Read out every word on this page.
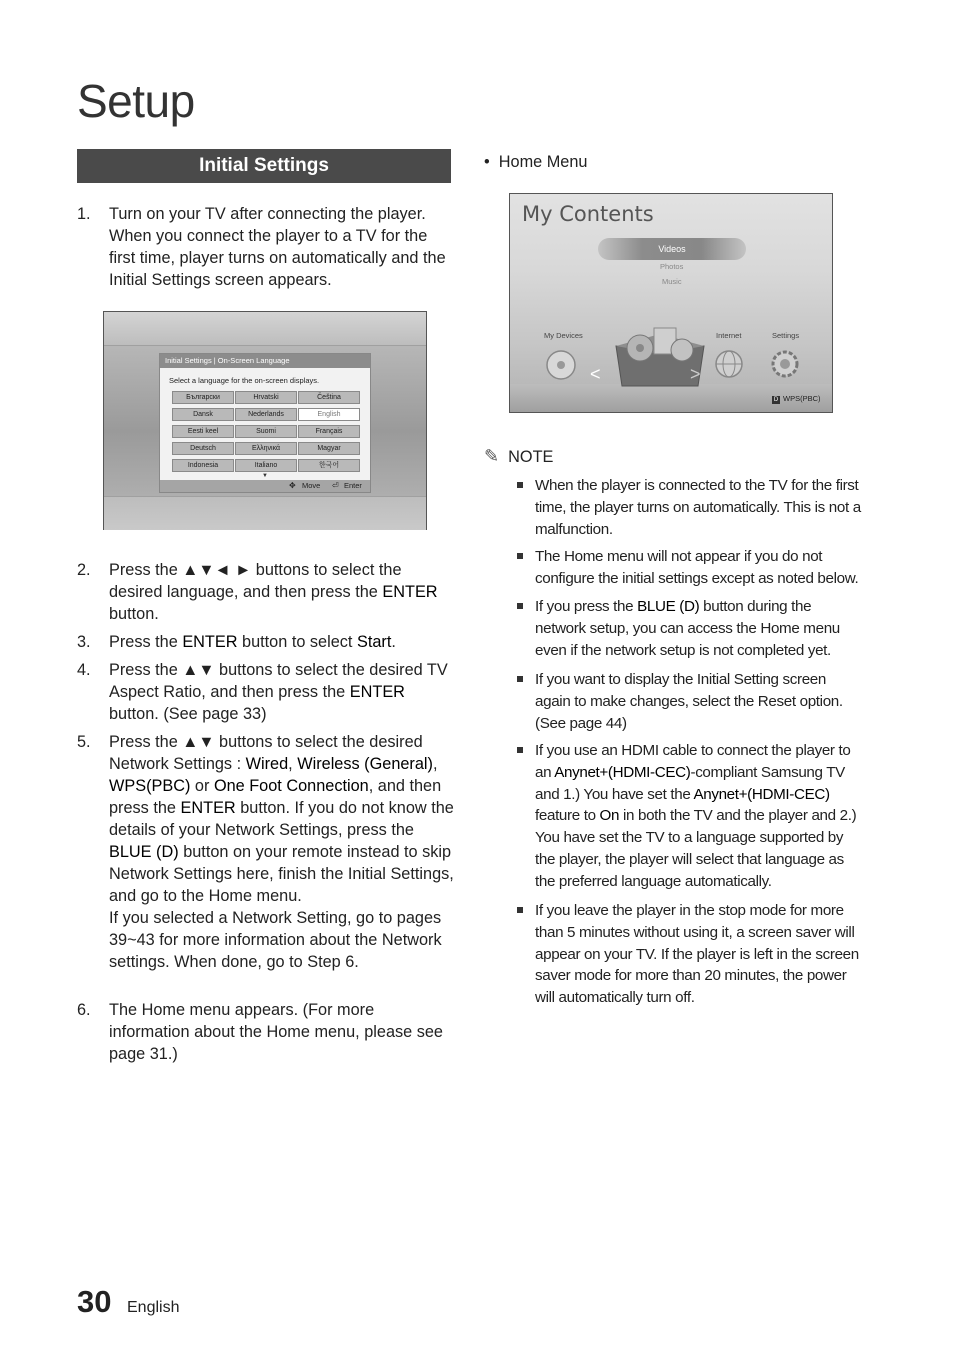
Setup
Initial Settings
1. Turn on your TV after connecting the player. When you connect the player to a TV for the first time, player turns on automatically and the Initial Settings screen appears.
2. Press the ▲▼◄ ► buttons to select the desired language, and then press the ENTER button.
3. Press the ENTER button to select Start.
4. Press the ▲▼ buttons to select the desired TV Aspect Ratio, and then press the ENTER button. (See page 33)
5. Press the ▲▼ buttons to select the desired Network Settings : Wired, Wireless (General), WPS(PBC) or One Foot Connection, and then press the ENTER button. If you do not know the details of your Network Settings, press the BLUE (D) button on your remote instead to skip Network Settings here, finish the Initial Settings, and go to the Home menu.
If you selected a Network Setting, go to pages 39~43 for more information about the Network settings. When done, go to Step 6.
6. The Home menu appears. (For more information about the Home menu, please see page 31.)
Initial Settings | On-Screen Language
Select a language for the on-screen displays.
Български	Hrvatski	Čeština
Dansk	Nederlands	English
Eesti keel	Suomi	Français
Deutsch	Ελληνικά	Magyar
Indonesia	Italiano	한국어
▼
✥ Move ⏎ Enter
•  Home Menu
My Contents
Videos
Photos
Music
My Devices	Internet	Settings
<	>
D WPS(PBC)
✎ NOTE
When the player is connected to the TV for the first time, the player turns on automatically. This is not a malfunction.
The Home menu will not appear if you do not configure the initial settings except as noted below.
If you press the BLUE (D) button during the network setup, you can access the Home menu even if the network setup is not completed yet.
If you want to display the Initial Setting screen again to make changes, select the Reset option. (See page 44)
If you use an HDMI cable to connect the player to an Anynet+(HDMI-CEC)-compliant Samsung TV and 1.) You have set the Anynet+(HDMI-CEC) feature to On in both the TV and the player and 2.) You have set the TV to a language supported by the player, the player will select that language as the preferred language automatically.
If you leave the player in the stop mode for more than 5 minutes without using it, a screen saver will appear on your TV. If the player is left in the screen saver mode for more than 20 minutes, the power will automatically turn off.
30 English
